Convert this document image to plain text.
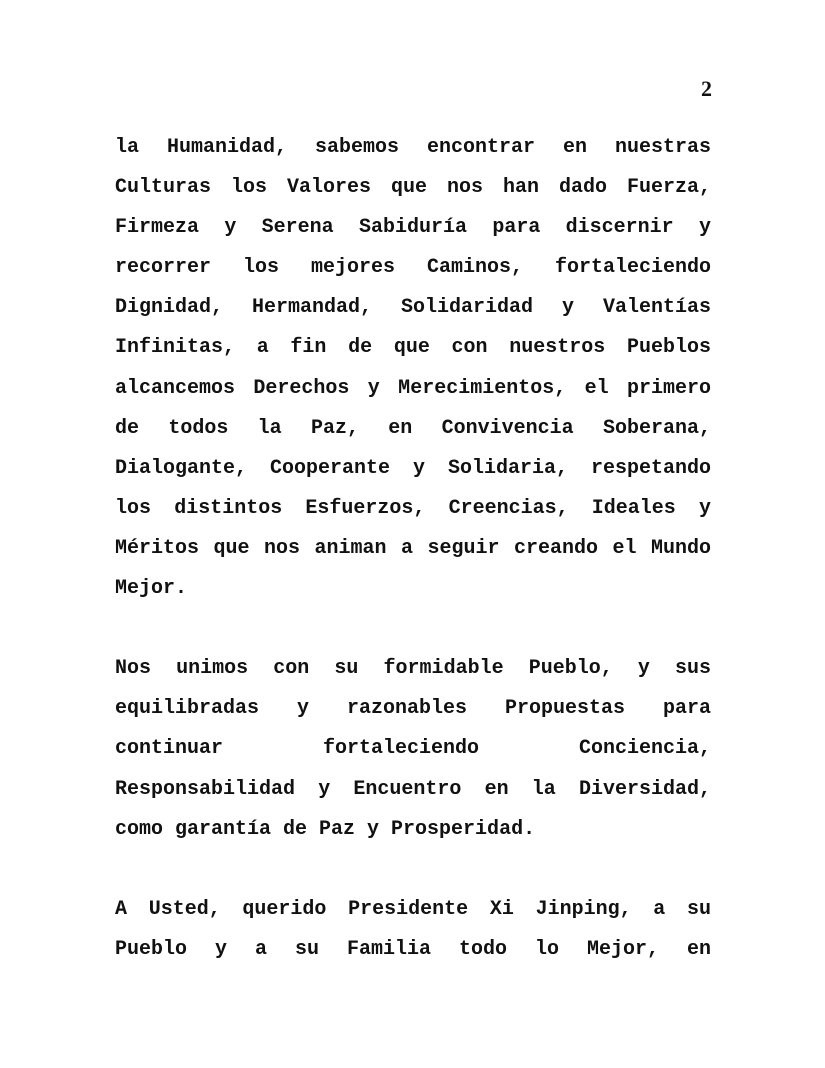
2

la Humanidad, sabemos encontrar en nuestras Culturas los Valores que nos han dado Fuerza, Firmeza y Serena Sabiduría para discernir y recorrer los mejores Caminos, fortaleciendo Dignidad, Hermandad, Solidaridad y Valentías Infinitas, a fin de que con nuestros Pueblos alcancemos Derechos y Merecimientos, el primero de todos la Paz, en Convivencia Soberana, Dialogante, Cooperante y Solidaria, respetando los distintos Esfuerzos, Creencias, Ideales y Méritos que nos animan a seguir creando el Mundo Mejor.

Nos unimos con su formidable Pueblo, y sus equilibradas y razonables Propuestas para continuar fortaleciendo Conciencia, Responsabilidad y Encuentro en la Diversidad, como garantía de Paz y Prosperidad.

A Usted, querido Presidente Xi Jinping, a su Pueblo y a su Familia todo lo Mejor, en
